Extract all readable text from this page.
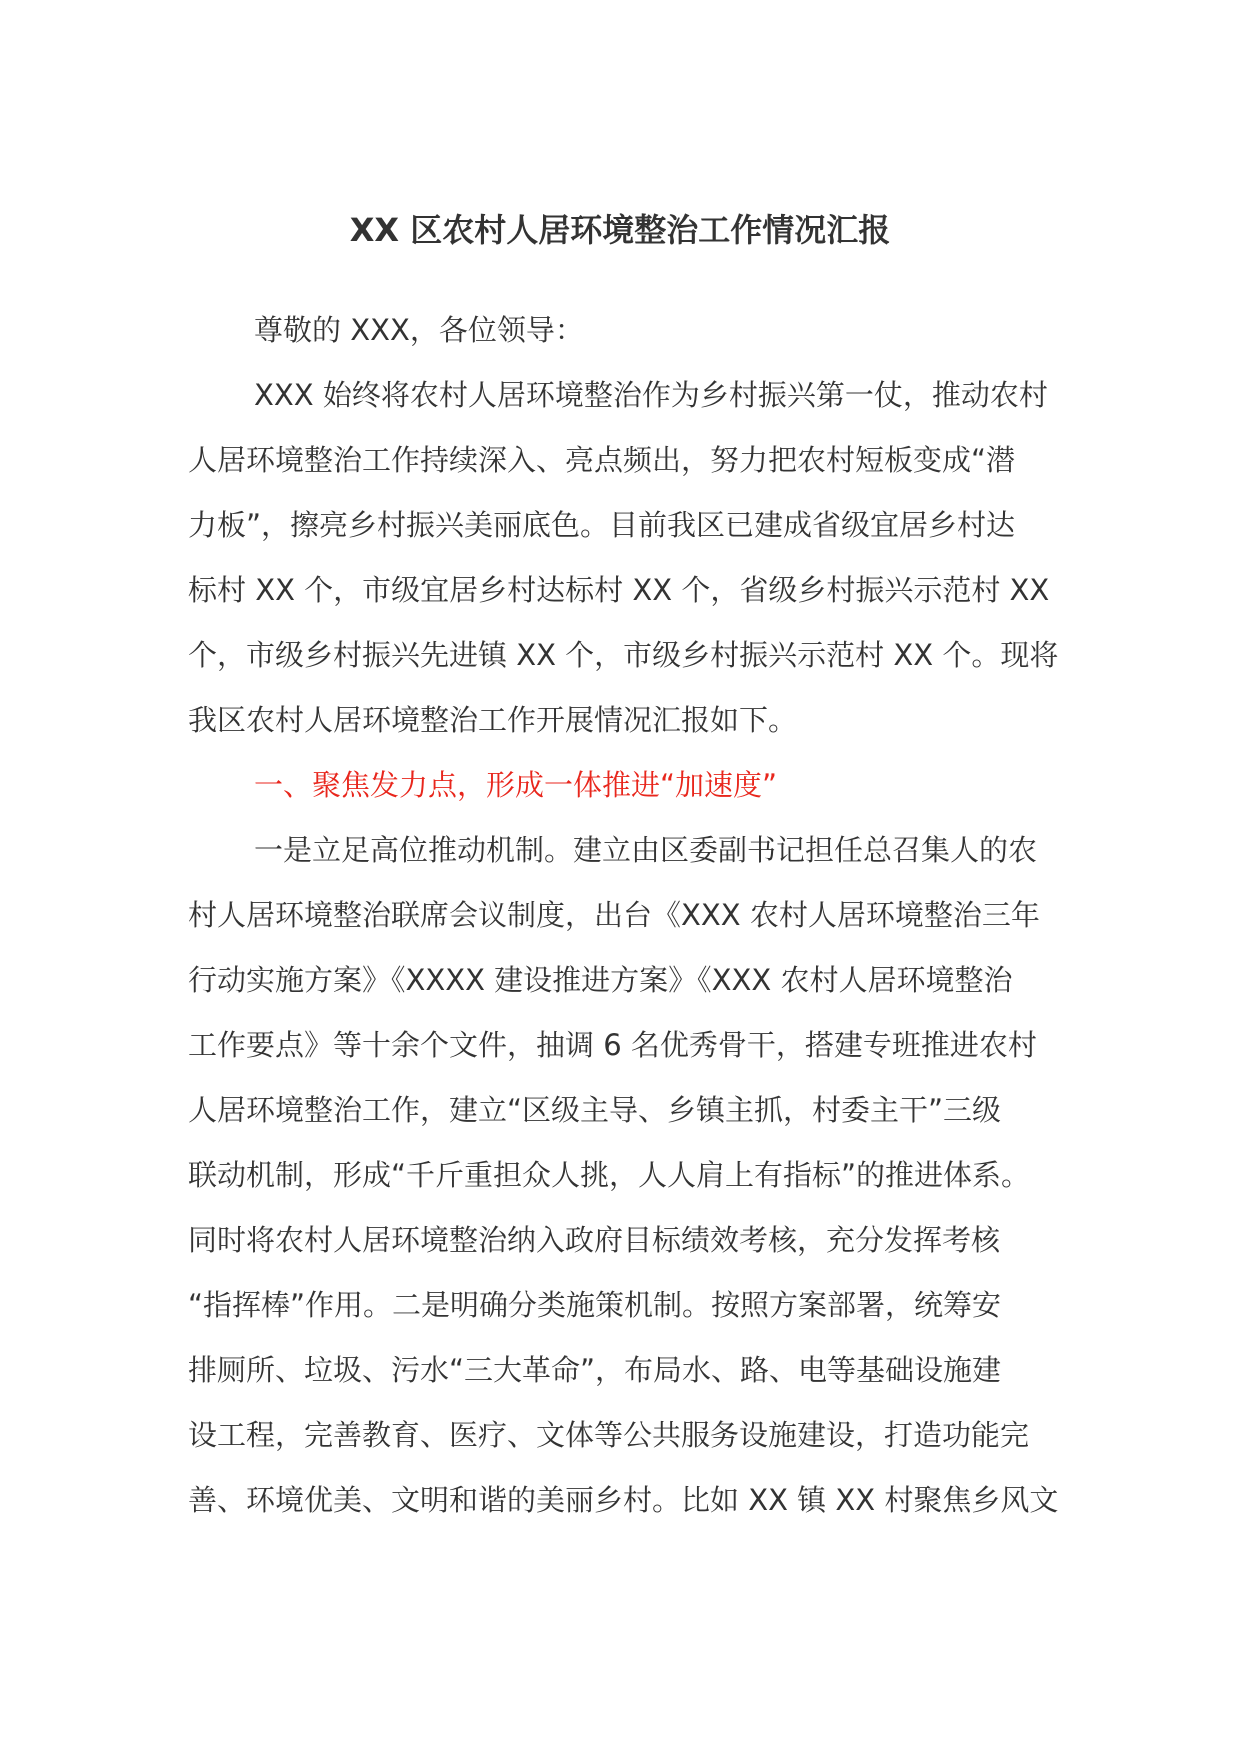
XX 区农村人居环境整治工作情况汇报
尊敬的 XXX，各位领导：
XXX 始终将农村人居环境整治作为乡村振兴第一仗，推动农村
人居环境整治工作持续深入、亮点频出，努力把农村短板变成“潜
力板”，擦亮乡村振兴美丽底色。目前我区已建成省级宜居乡村达
标村 XX 个，市级宜居乡村达标村 XX 个，省级乡村振兴示范村 XX
个，市级乡村振兴先进镇 XX 个，市级乡村振兴示范村 XX 个。现将
我区农村人居环境整治工作开展情况汇报如下。
一、聚焦发力点，形成一体推进“加速度”
一是立足高位推动机制。建立由区委副书记担任总召集人的农
村人居环境整治联席会议制度，出台《XXX 农村人居环境整治三年
行动实施方案》《XXXX 建设推进方案》《XXX 农村人居环境整治
工作要点》等十余个文件，抽调 6 名优秀骨干，搭建专班推进农村
人居环境整治工作，建立“区级主导、乡镇主抓，村委主干”三级
联动机制，形成“千斤重担众人挑，人人肩上有指标”的推进体系。
同时将农村人居环境整治纳入政府目标绩效考核，充分发挥考核
“指挥棒”作用。二是明确分类施策机制。按照方案部署，统筹安
排厕所、垃圾、污水“三大革命”，布局水、路、电等基础设施建
设工程，完善教育、医疗、文体等公共服务设施建设，打造功能完
善、环境优美、文明和谐的美丽乡村。比如 XX 镇 XX 村聚焦乡风文
